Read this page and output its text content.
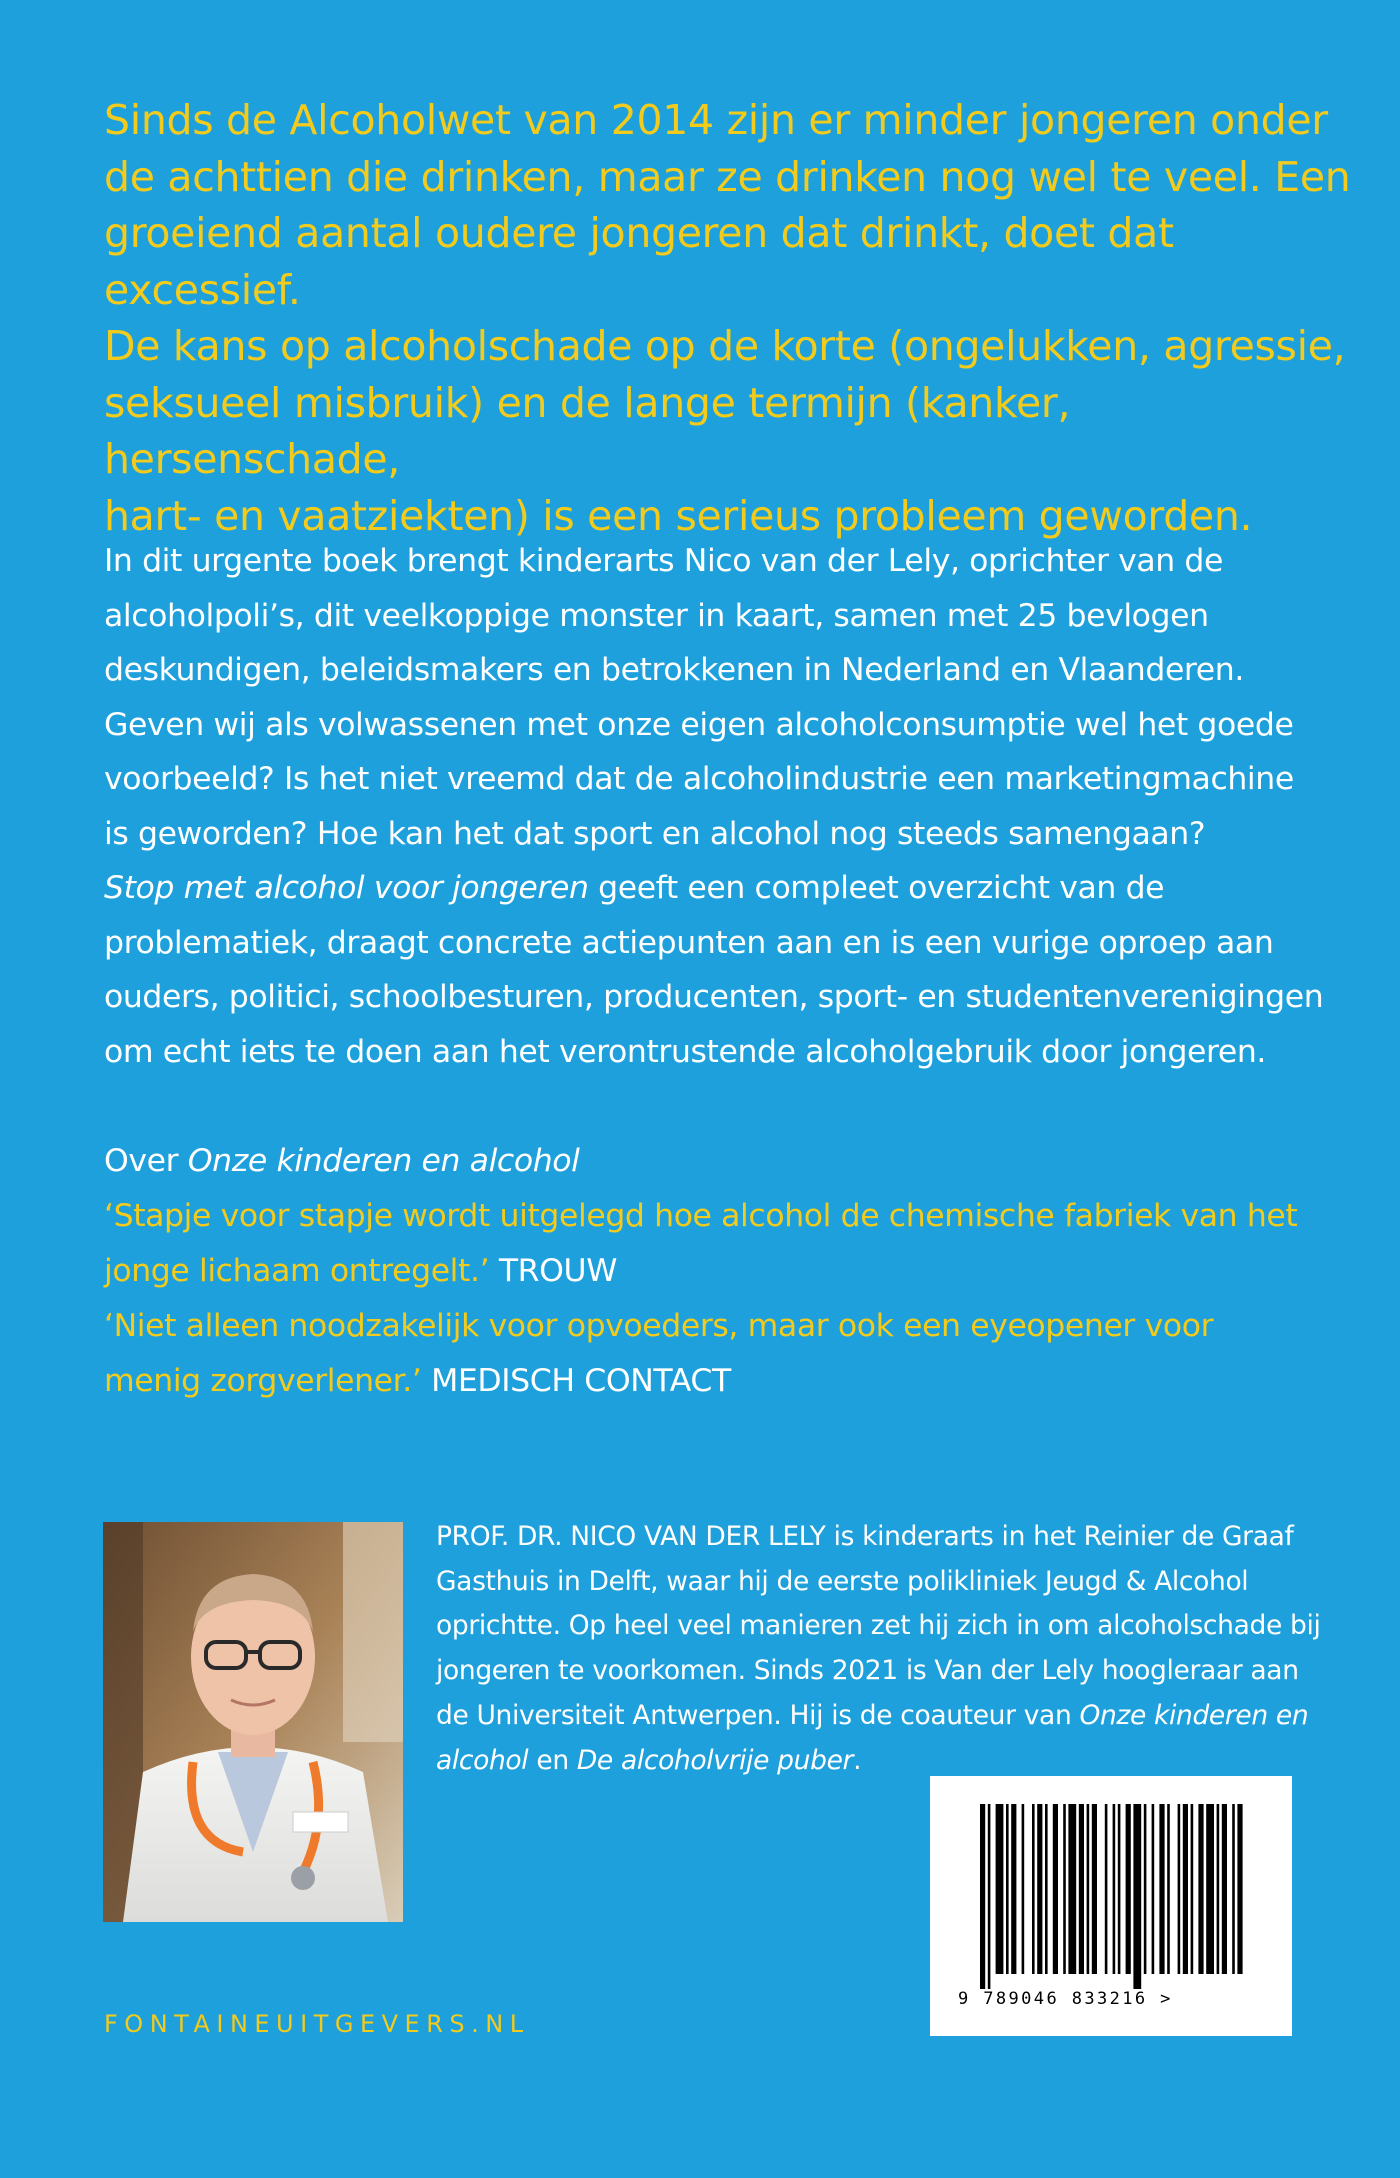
Sinds de Alcoholwet van 2014 zijn er minder jongeren onder
de achttien die drinken, maar ze drinken nog wel te veel. Een
groeiend aantal oudere jongeren dat drinkt, doet dat excessief.
De kans op alcoholschade op de korte (ongelukken, agressie,
seksueel misbruik) en de lange termijn (kanker, hersenschade,
hart- en vaatziekten) is een serieus probleem geworden.
In dit urgente boek brengt kinderarts Nico van der Lely, oprichter van de
alcoholpoli’s, dit veelkoppige monster in kaart, samen met 25 bevlogen
deskundigen, beleidsmakers en betrokkenen in Nederland en Vlaanderen.
Geven wij als volwassenen met onze eigen alcoholconsumptie wel het goede
voorbeeld? Is het niet vreemd dat de alcoholindustrie een marketingmachine
is geworden? Hoe kan het dat sport en alcohol nog steeds samengaan?
Stop met alcohol voor jongeren geeft een compleet overzicht van de
problematiek, draagt concrete actiepunten aan en is een vurige oproep aan
ouders, politici, schoolbesturen, producenten, sport- en studentenverenigingen
om echt iets te doen aan het verontrustende alcoholgebruik door jongeren.
Over Onze kinderen en alcohol
‘Stapje voor stapje wordt uitgelegd hoe alcohol de chemische fabriek van het
jonge lichaam ontregelt.’ TROUW
‘Niet alleen noodzakelijk voor opvoeders, maar ook een eyeopener voor
menig zorgverlener.’ MEDISCH CONTACT
PROF. DR. NICO VAN DER LELY is kinderarts in het Reinier de Graaf
Gasthuis in Delft, waar hij de eerste polikliniek Jeugd & Alcohol
oprichtte. Op heel veel manieren zet hij zich in om alcoholschade bij
jongeren te voorkomen. Sinds 2021 is Van der Lely hoogleraar aan
de Universiteit Antwerpen. Hij is de coauteur van Onze kinderen en
alcohol en De alcoholvrije puber.
9 789046 833216 >
FONTAINEUITGEVERS.NL
